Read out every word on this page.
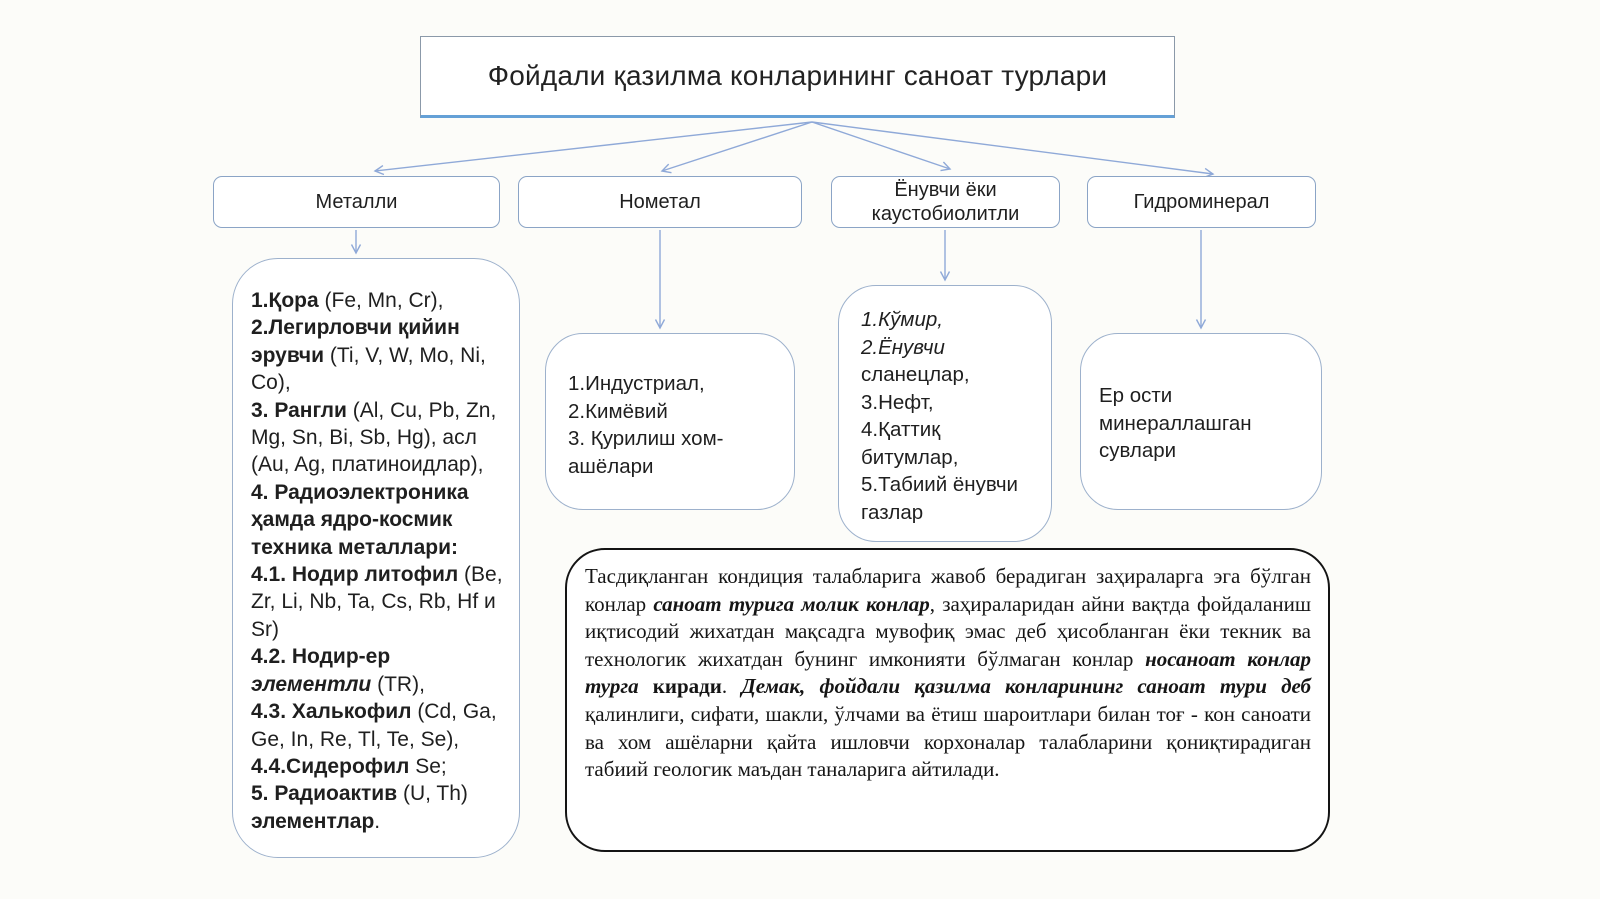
Фойдали қазилма конларининг саноат турлари
Металли	Нометал
Ёнувчи ёки каустобиолитли
Гидроминерал

1.Қора (Fe, Mn, Cr),

2.Легирловчи қийин эрувчи (Ti, V, W, Mo, Ni, Co),

3. Рангли (Al, Cu, Pb, Zn, Mg, Sn, Bi, Sb, Hg), асл (Au, Ag, платиноидлар),

4. Радиоэлектроника ҳамда ядро-космик техника металлари:

4.1. Нодир литофил (Be, Zr, Li, Nb, Ta, Cs, Rb, Hf и Sr)

4.2. Нодир-ер элементли (TR),

4.3. Халькофил (Cd, Ga, Ge, In, Re, Tl, Te, Se),

4.4.Сидерофил Se;

5. Радиоактив (U, Th) элементлар.

1.Индустриал,

2.Кимёвий

3. Қурилиш хом-ашёлари

1.Кўмир,

2.Ёнувчи сланецлар,

3.Нефт,

4.Қаттиқ битумлар,

5.Табиий ёнувчи газлар

Ер ости минераллашган сувлари

Тасдиқланган кондиция талабларига жавоб берадиган заҳираларга эга бўлган конлар саноат турига молик конлар, заҳираларидан айни вақтда фойдаланиш иқтисодий жихатдан мақсадга мувофиқ эмас деб ҳисобланган ёки текник ва технологик жихатдан бунинг имконияти бўлмаган конлар носаноат конлар турга киради. Демак, фойдали қазилма конларининг саноат тури деб қалинлиги, сифати, шакли, ўлчами ва ётиш шароитлари билан тоғ - кон саноати ва хом ашёларни қайта ишловчи корхоналар талабларини қониқтирадиган табиий геологик маъдан таналарига айтилади.
